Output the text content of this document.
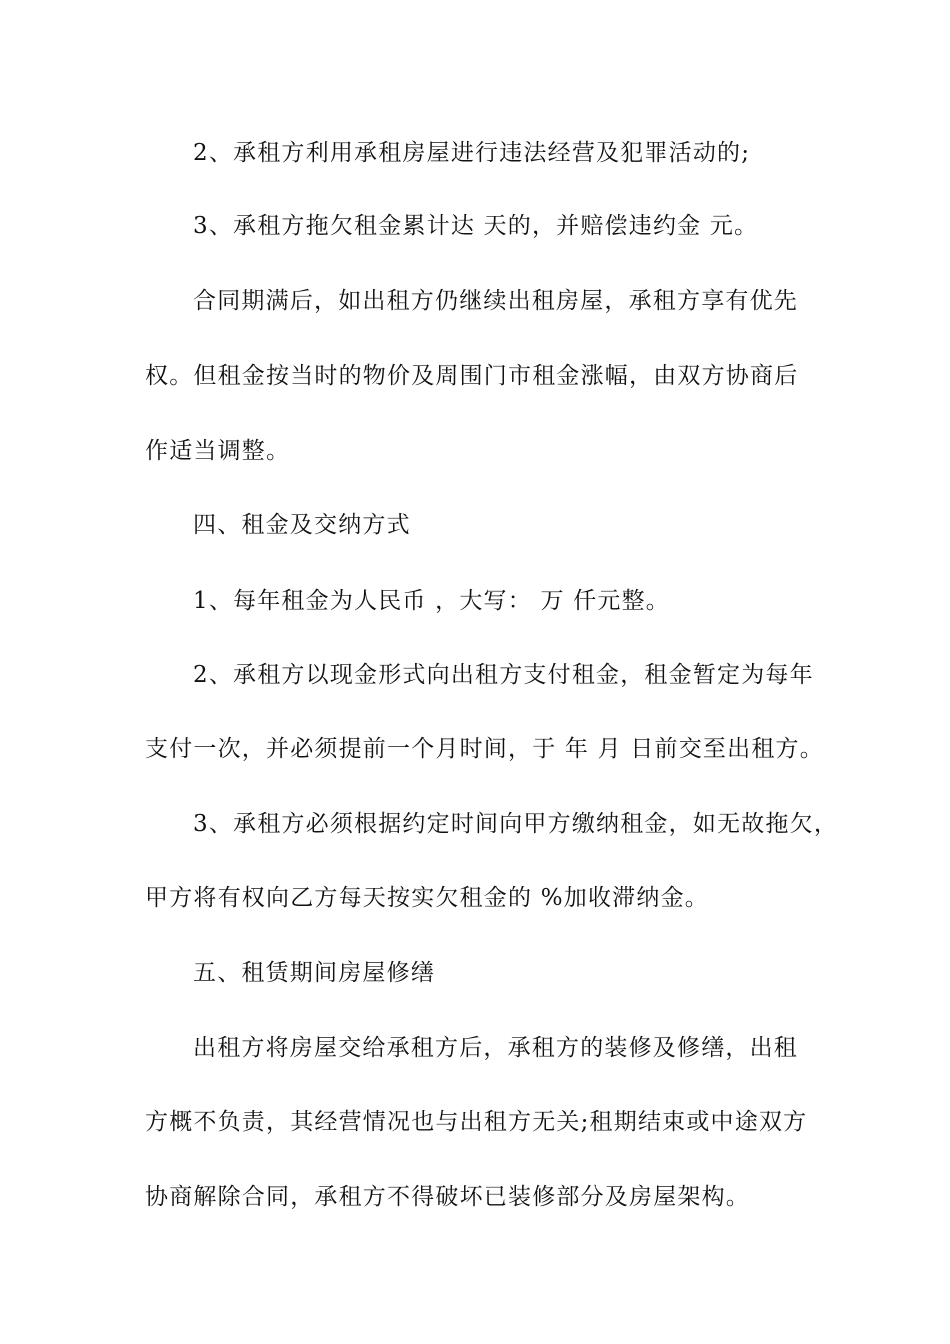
2、承租方利用承租房屋进行违法经营及犯罪活动的;
3、承租方拖欠租金累计达 天的，并赔偿违约金 元。
合同期满后，如出租方仍继续出租房屋，承租方享有优先
权。但租金按当时的物价及周围门市租金涨幅，由双方协商后
作适当调整。
四、租金及交纳方式
1、每年租金为人民币 ，大写： 万 仟元整。
2、承租方以现金形式向出租方支付租金，租金暂定为每年
支付一次，并必须提前一个月时间，于 年 月 日前交至出租方。
3、承租方必须根据约定时间向甲方缴纳租金，如无故拖欠，
甲方将有权向乙方每天按实欠租金的 %加收滞纳金。
五、租赁期间房屋修缮
出租方将房屋交给承租方后，承租方的装修及修缮，出租
方概不负责，其经营情况也与出租方无关;租期结束或中途双方
协商解除合同，承租方不得破坏已装修部分及房屋架构。
